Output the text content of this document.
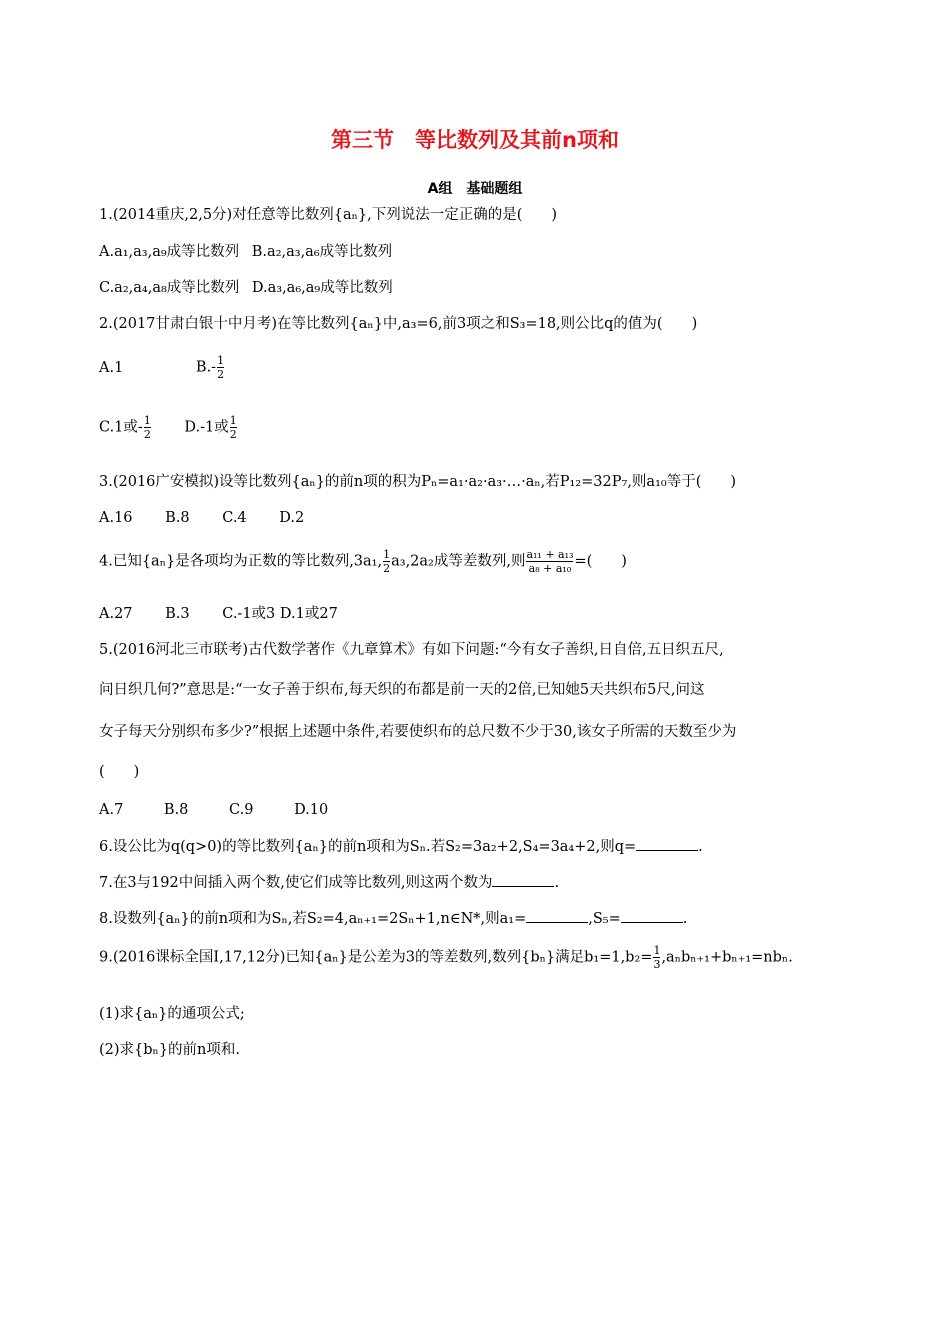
第三节　等比数列及其前n项和
A组　基础题组
1.(2014重庆,2,5分)对任意等比数列{aₙ},下列说法一定正确的是(　　)
A.a₁,a₃,a₉成等比数列 B.a₂,a₃,a₆成等比数列
C.a₂,a₄,a₈成等比数列 D.a₃,a₆,a₉成等比数列
2.(2017甘肃白银十中月考)在等比数列{aₙ}中,a₃=6,前3项之和S₃=18,则公比q的值为(　　)
A.1	$B.- \frac{1}{2}$
C.1或- $\frac{1}{2} D.-1$或 $\frac{1}{2}$
3.(2016广安模拟)设等比数列{aₙ}的前n项的积为Pₙ=a₁·a₂·a₃·…·aₙ,若P₁₂=32P₇,则a₁₀等于(　　)
A.16 B.8 C.4 D.2
4.已知{aₙ}是各项均为正数的等比数列,3a₁, $\frac{1}{2} a_3,2a_2$成等差数列,则 $\frac{\text{a₁₁ + a₁₃}}{\text{a₈ + a₁₀}}$ =(　　)
A.27 B.3 C.-1或3 D.1或27
5.(2016河北三市联考)古代数学著作《九章算术》有如下问题:“今有女子善织,日自倍,五日织五尺,
问日织几何?”意思是:“一女子善于织布,每天织的布都是前一天的2倍,已知她5天共织布5尺,问这
女子每天分别织布多少?”根据上述题中条件,若要使织布的总尺数不少于30,该女子所需的天数至少为
(　　)
A.7	B.8	C.9	D.10
6.设公比为q(q>0)的等比数列{aₙ}的前n项和为Sₙ.若S₂=3a₂+2,S₄=3a₄+2,则q=	.
7.在3与192中间插入两个数,使它们成等比数列,则这两个数为	.
8.设数列{aₙ}的前n项和为Sₙ,若S₂=4,aₙ₊₁=2Sₙ+1,n∈N*,则a₁=	,S₅=	.
9.(2016课标全国Ⅰ,17,12分)已知{aₙ}是公差为3的等差数列,数列{bₙ}满足$b_1=1,b_2= \frac{1}{3} ,a_nb_{n+1}+b_{n+1}=nb_n$.
(1)求{aₙ}的通项公式;
(2)求{bₙ}的前n项和.
